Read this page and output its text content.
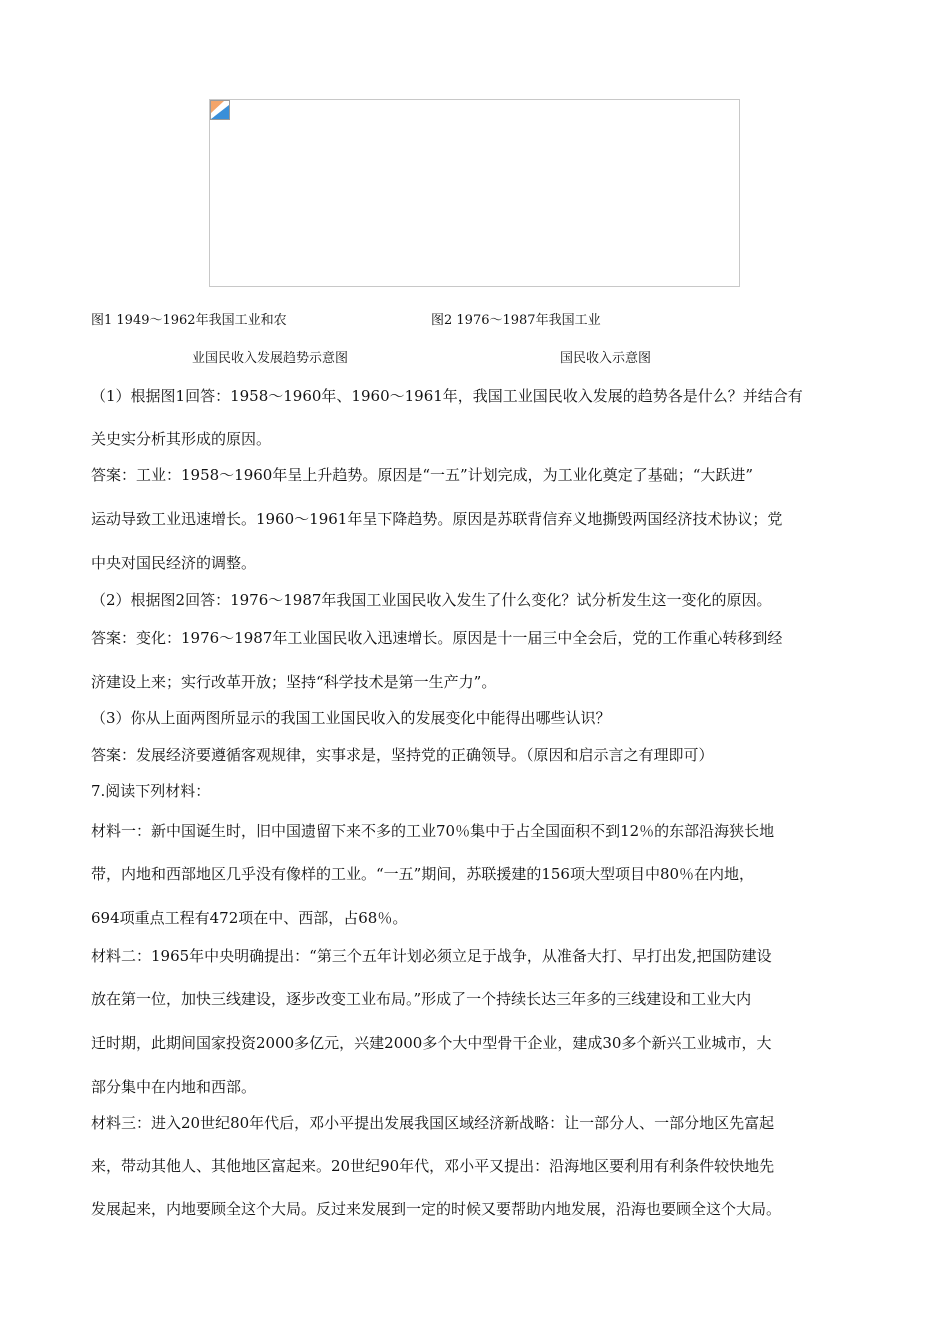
图1 1949～1962年我国工业和农	图2 1976～1987年我国工业
业国民收入发展趋势示意图	国民收入示意图
（1）根据图1回答：1958～1960年、1960～1961年，我国工业国民收入发展的趋势各是什么？并结合有
关史实分析其形成的原因。
答案：工业：1958～1960年呈上升趋势。原因是“一五”计划完成，为工业化奠定了基础；“大跃进”
运动导致工业迅速增长。1960～1961年呈下降趋势。原因是苏联背信弃义地撕毁两国经济技术协议；党
中央对国民经济的调整。
（2）根据图2回答：1976～1987年我国工业国民收入发生了什么变化？试分析发生这一变化的原因。
答案：变化：1976～1987年工业国民收入迅速增长。原因是十一届三中全会后，党的工作重心转移到经
济建设上来；实行改革开放；坚持“科学技术是第一生产力”。
（3）你从上面两图所显示的我国工业国民收入的发展变化中能得出哪些认识？
答案：发展经济要遵循客观规律，实事求是，坚持党的正确领导。（原因和启示言之有理即可）
7.阅读下列材料：
材料一：新中国诞生时，旧中国遗留下来不多的工业70％集中于占全国面积不到12％的东部沿海狭长地
带，内地和西部地区几乎没有像样的工业。“一五”期间，苏联援建的156项大型项目中80％在内地，
694项重点工程有472项在中、西部，占68％。
材料二：1965年中央明确提出：“第三个五年计划必须立足于战争，从准备大打、早打出发,把国防建设
放在第一位，加快三线建设，逐步改变工业布局。”形成了一个持续长达三年多的三线建设和工业大内
迁时期，此期间国家投资2000多亿元，兴建2000多个大中型骨干企业，建成30多个新兴工业城市，大
部分集中在内地和西部。
材料三：进入20世纪80年代后，邓小平提出发展我国区域经济新战略：让一部分人、一部分地区先富起
来，带动其他人、其他地区富起来。20世纪90年代，邓小平又提出：沿海地区要利用有利条件较快地先
发展起来，内地要顾全这个大局。反过来发展到一定的时候又要帮助内地发展，沿海也要顾全这个大局。
